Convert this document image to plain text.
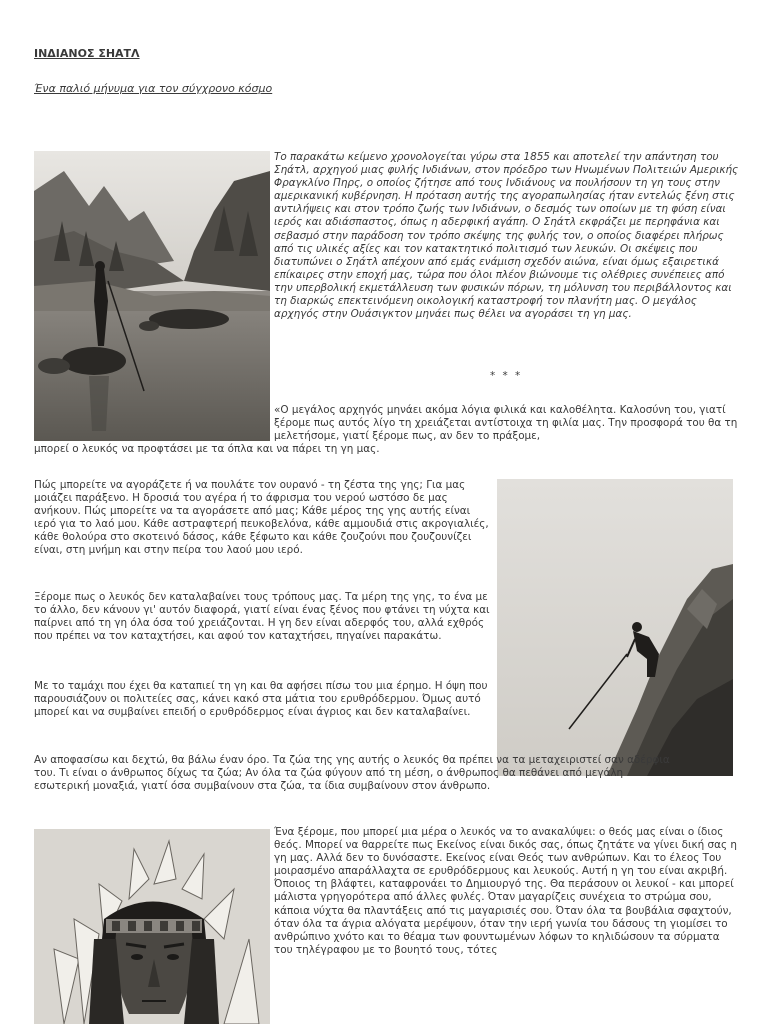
ΙΝΔΙΑΝΟΣ ΣΗΑΤΛ
Ένα παλιό μήνυμα για τον σύγχρονο κόσμο

Το παρακάτω κείμενο χρονολογείται γύρω στα 1855 και αποτελεί την απάντηση του Σηάτλ, αρχηγού μιας φυλής Ινδιάνων, στον πρόεδρο των Ηνωμένων Πολιτειών Αμερικής Φραγκλίνο Πηρς, ο οποίος ζήτησε από τους Ινδιάνους να πουλήσουν τη γη τους στην αμερικανική κυβέρνηση. Η πρόταση αυτής της αγοραπωλησίας ήταν εντελώς ξένη στις αντιλήψεις και στον τρόπο ζωής των Ινδιάνων, ο δεσμός των οποίων με τη φύση είναι ιερός και αδιάσπαστος, όπως η αδερφική αγάπη. Ο Σηάτλ εκφράζει με περηφάνια και σεβασμό στην παράδοση τον τρόπο σκέψης της φυλής τον, ο οποίος διαφέρει πλήρως από τις υλικές αξίες και τον κατακτητικό πολιτισμό των λευκών. Οι σκέψεις που διατυπώνει ο Σηάτλ απέχουν από εμάς ενάμιση σχεδόν αιώνα, είναι όμως εξαιρετικά επίκαιρες στην εποχή μας, τώρα που όλοι πλέον βιώνουμε τις ολέθριες συνέπειες από την υπερβολική εκμετάλλευση των φυσικών πόρων, τη μόλυνση του περιβάλλοντος και τη διαρκώς επεκτεινόμενη οικολογική καταστροφή τον πλανήτη μας. Ο μεγάλος αρχηγός στην Ουάσιγκτον μηνάει πως θέλει να αγοράσει τη γη μας.

* * *

«Ο μεγάλος αρχηγός μηνάει ακόμα λόγια φιλικά και καλοθέλητα. Καλοσύνη του, γιατί ξέρομε πως αυτός λίγο τη χρειάζεται αντίστοιχα τη φιλία μας. Την προσφορά του θα τη μελετήσομε, γιατί ξέρομε πως, αν δεν το πράξομε,

μπορεί ο λευκός να προφτάσει με τα όπλα και να πάρει τη γη μας.

Πώς μπορείτε να αγοράζετε ή να πουλάτε τον ουρανό - τη ζέστα της γης; Για μας μοιάζει παράξενο. Η δροσιά του αγέρα ή το άφρισμα του νερού ωστόσο δε μας ανήκουν. Πώς μπορείτε να τα αγοράσετε από μας; Κάθε μέρος της γης αυτής είναι ιερό για το λαό μου. Κάθε αστραφτερή πευκοβελόνα, κάθε αμμουδιά στις ακρογιαλιές, κάθε θολούρα στο σκοτεινό δάσος, κάθε ξέφωτο και κάθε ζουζούνι που ζουζουνίζει είναι, στη μνήμη και στην πείρα του λαού μου ιερό.

Ξέρομε πως ο λευκός δεν καταλαβαίνει τους τρόπους μας. Τα μέρη της γης, το ένα με το άλλο, δεν κάνουν γι' αυτόν διαφορά, γιατί είναι ένας ξένος που φτάνει τη νύχτα και παίρνει από τη γη όλα όσα τού χρειάζονται. Η γη δεν είναι αδερφός του, αλλά εχθρός που πρέπει να τον καταχτήσει, και αφού τον καταχτήσει, πηγαίνει παρακάτω.

Με το ταμάχι που έχει θα καταπιεί τη γη και θα αφήσει πίσω του μια έρημο. Η όψη που παρουσιάζουν οι πολιτείες σας, κάνει κακό στα μάτια του ερυθρόδερμου. Όμως αυτό μπορεί και να συμβαίνει επειδή ο ερυθρόδερμος είναι άγριος και δεν καταλαβαίνει.

Αν αποφασίσω και δεχτώ, θα βάλω έναν όρο. Τα ζώα της γης αυτής ο λευκός θα πρέπει να τα μεταχειριστεί σαν αδέρφια του. Τι είναι ο άνθρωπος δίχως τα ζώα; Αν όλα τα ζώα φύγουν από τη μέση, ο άνθρωπος θα πεθάνει από μεγάλη εσωτερική μοναξιά, γιατί όσα συμβαίνουν στα ζώα, τα ίδια συμβαίνουν στον άνθρωπο.

Ένα ξέρομε, που μπορεί μια μέρα ο λευκός να το ανακαλύψει: ο θεός μας είναι ο ίδιος θεός. Μπορεί να θαρρείτε πως Εκείνος είναι δικός σας, όπως ζητάτε να γίνει δική σας η γη μας. Αλλά δεν το δυνόσαστε. Εκείνος είναι Θεός των ανθρώπων. Και το έλεος Του μοιρασμένο απαράλλαχτα σε ερυθρόδερμους και λευκούς. Αυτή η γη του είναι ακριβή. Όποιος τη βλάφτει, καταφρονάει το Δημιουργό της. Θα περάσουν οι λευκοί - και μπορεί μάλιστα γρηγορότερα από άλλες φυλές. Όταν μαγαρίζεις συνέχεια το στρώμα σου, κάποια νύχτα θα πλαντάξεις από τις μαγαρισιές σου. Όταν όλα τα βουβάλια σφαχτούν, όταν όλα τα άγρια αλόγατα μερέψουν, όταν την ιερή γωνία του δάσους τη γιομίσει το ανθρώπινο χνότο και το θέαμα των φουντωμένων λόφων το κηλιδώσουν τα σύρματα του τηλέγραφου με το βουητό τους, τότες
